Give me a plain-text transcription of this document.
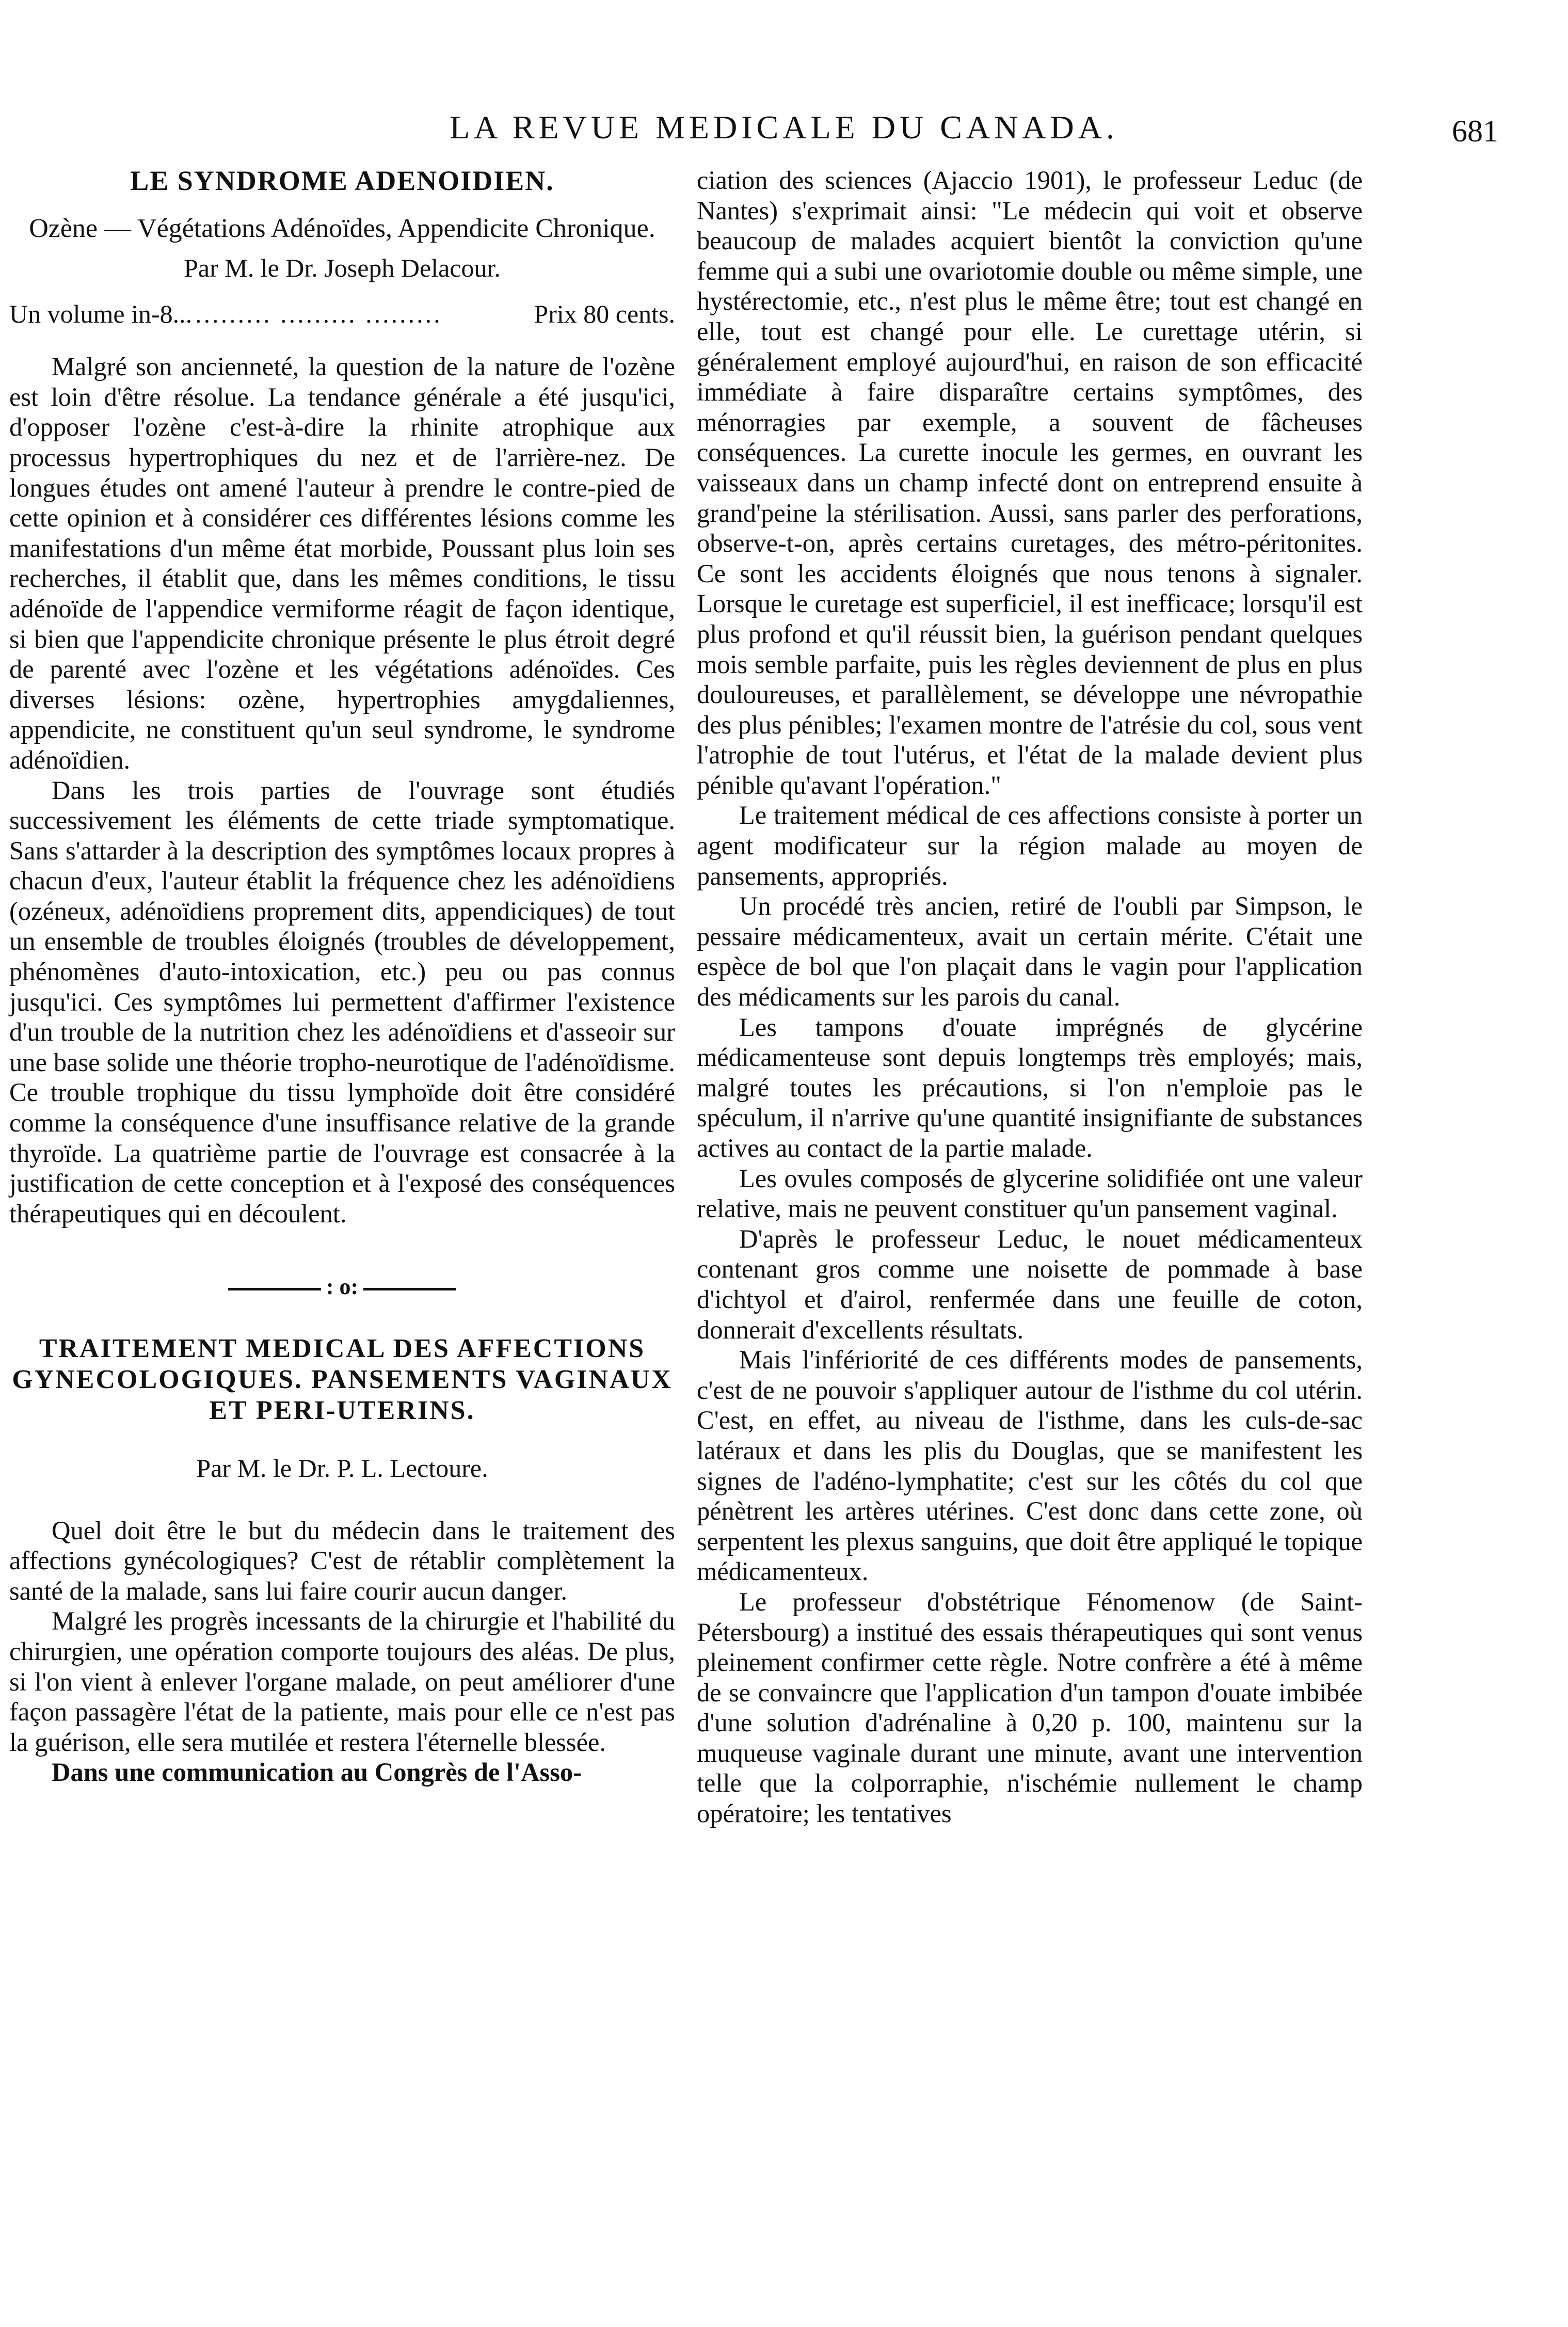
LA REVUE MEDICALE DU CANADA.	681
LE SYNDROME ADENOIDIEN.
Ozène — Végétations Adénoïdes, Appendicite Chronique.
Par M. le Dr. Joseph Delacour.
Un volume in-8... ......... ......... .........	Prix 80 cents.

Malgré son ancienneté, la question de la nature de l'ozène est loin d'être résolue. La tendance générale a été jusqu'ici, d'opposer l'ozène c'est-à-dire la rhinite atrophique aux processus hypertrophiques du nez et de l'arrière-nez. De longues études ont amené l'auteur à prendre le contre-pied de cette opinion et à considérer ces différentes lésions comme les manifestations d'un même état morbide, Poussant plus loin ses recherches, il établit que, dans les mêmes conditions, le tissu adénoïde de l'appendice vermiforme réagit de façon identique, si bien que l'appendicite chronique présente le plus étroit degré de parenté avec l'ozène et les végétations adénoïdes. Ces diverses lésions: ozène, hypertrophies amygdaliennes, appendicite, ne constituent qu'un seul syndrome, le syndrome adénoïdien.

Dans les trois parties de l'ouvrage sont étudiés successivement les éléments de cette triade symptomatique. Sans s'attarder à la description des symptômes locaux propres à chacun d'eux, l'auteur établit la fréquence chez les adénoïdiens (ozéneux, adénoïdiens proprement dits, appendiciques) de tout un ensemble de troubles éloignés (troubles de développement, phénomènes d'auto-intoxication, etc.) peu ou pas connus jusqu'ici. Ces symptômes lui permettent d'affirmer l'existence d'un trouble de la nutrition chez les adénoïdiens et d'asseoir sur une base solide une théorie tropho-neurotique de l'adénoïdisme. Ce trouble trophique du tissu lymphoïde doit être considéré comme la conséquence d'une insuffisance relative de la grande thyroïde. La quatrième partie de l'ouvrage est consacrée à la justification de cette conception et à l'exposé des conséquences thérapeutiques qui en découlent.

: o:
TRAITEMENT MEDICAL DES AFFECTIONS GYNECOLOGIQUES. PANSEMENTS VAGINAUX ET PERI-UTERINS.
Par M. le Dr. P. L. Lectoure.

Quel doit être le but du médecin dans le traitement des affections gynécologiques? C'est de rétablir complètement la santé de la malade, sans lui faire courir aucun danger.

Malgré les progrès incessants de la chirurgie et l'habilité du chirurgien, une opération comporte toujours des aléas. De plus, si l'on vient à enlever l'organe malade, on peut améliorer d'une façon passagère l'état de la patiente, mais pour elle ce n'est pas la guérison, elle sera mutilée et restera l'éternelle blessée.

Dans une communication au Congrès de l'Asso-

ciation des sciences (Ajaccio 1901), le professeur Leduc (de Nantes) s'exprimait ainsi: "Le médecin qui voit et observe beaucoup de malades acquiert bientôt la conviction qu'une femme qui a subi une ovariotomie double ou même simple, une hystérectomie, etc., n'est plus le même être; tout est changé en elle, tout est changé pour elle. Le curettage utérin, si généralement employé aujourd'hui, en raison de son efficacité immédiate à faire disparaître certains symptômes, des ménorragies par exemple, a souvent de fâcheuses conséquences. La curette inocule les germes, en ouvrant les vaisseaux dans un champ infecté dont on entreprend ensuite à grand'peine la stérilisation. Aussi, sans parler des perforations, observe-t-on, après certains curetages, des métro-péritonites. Ce sont les accidents éloignés que nous tenons à signaler. Lorsque le curetage est superficiel, il est inefficace; lorsqu'il est plus profond et qu'il réussit bien, la guérison pendant quelques mois semble parfaite, puis les règles deviennent de plus en plus douloureuses, et parallèlement, se développe une névropathie des plus pénibles; l'examen montre de l'atrésie du col, sous vent l'atrophie de tout l'utérus, et l'état de la malade devient plus pénible qu'avant l'opération."

Le traitement médical de ces affections consiste à porter un agent modificateur sur la région malade au moyen de pansements, appropriés.

Un procédé très ancien, retiré de l'oubli par Simpson, le pessaire médicamenteux, avait un certain mérite. C'était une espèce de bol que l'on plaçait dans le vagin pour l'application des médicaments sur les parois du canal.

Les tampons d'ouate imprégnés de glycérine médicamenteuse sont depuis longtemps très employés; mais, malgré toutes les précautions, si l'on n'emploie pas le spéculum, il n'arrive qu'une quantité insignifiante de substances actives au contact de la partie malade.

Les ovules composés de glycerine solidifiée ont une valeur relative, mais ne peuvent constituer qu'un pansement vaginal.

D'après le professeur Leduc, le nouet médicamenteux contenant gros comme une noisette de pommade à base d'ichtyol et d'airol, renfermée dans une feuille de coton, donnerait d'excellents résultats.

Mais l'infériorité de ces différents modes de pansements, c'est de ne pouvoir s'appliquer autour de l'isthme du col utérin. C'est, en effet, au niveau de l'isthme, dans les culs-de-sac latéraux et dans les plis du Douglas, que se manifestent les signes de l'adéno-lymphatite; c'est sur les côtés du col que pénètrent les artères utérines. C'est donc dans cette zone, où serpentent les plexus sanguins, que doit être appliqué le topique médicamenteux.

Le professeur d'obstétrique Fénomenow (de Saint-Pétersbourg) a institué des essais thérapeutiques qui sont venus pleinement confirmer cette règle. Notre confrère a été à même de se convaincre que l'application d'un tampon d'ouate imbibée d'une solution d'adrénaline à 0,20 p. 100, maintenu sur la muqueuse vaginale durant une minute, avant une intervention telle que la colporraphie, n'ischémie nullement le champ opératoire; les tentatives
